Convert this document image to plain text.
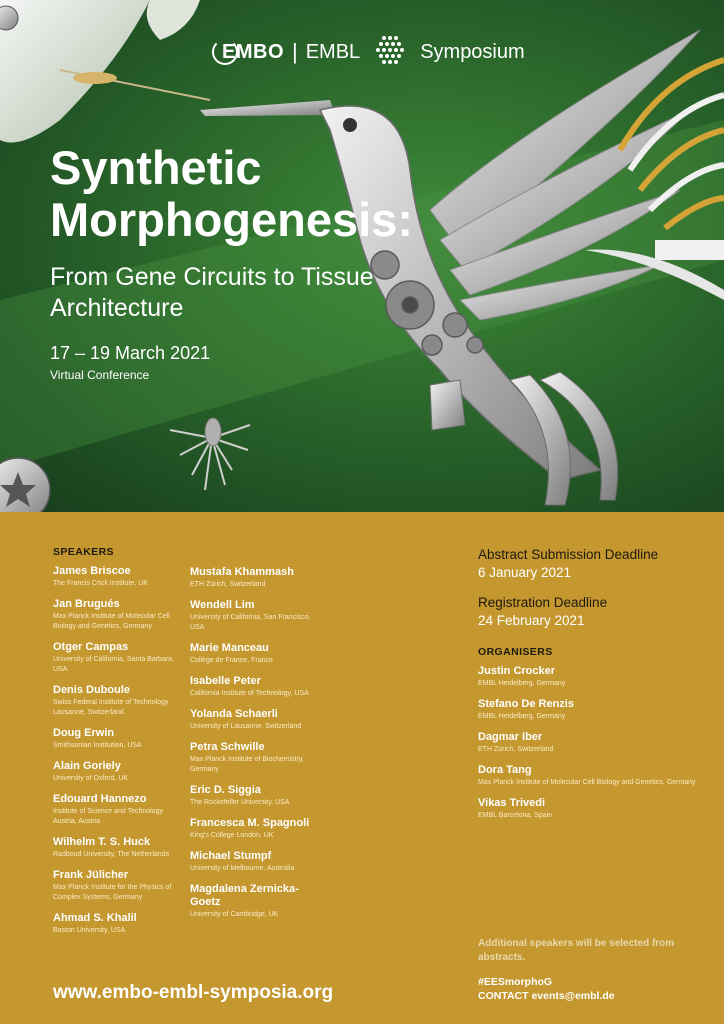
EMBO | EMBL	Symposium
Synthetic
Morphogenesis:

From Gene Circuits to Tissue Architecture

17 – 19 March 2021
Virtual Conference
SPEAKERS
James Briscoe
The Francis Crick Institute, UK
Jan Brugués
Max Planck Institute of Molecular Cell Biology and Genetics, Germany
Otger Campas
University of California, Santa Barbara, USA
Denis Duboule
Swiss Federal Institute of Technology Lausanne, Switzerland
Doug Erwin
Smithsonian Institution, USA
Alain Goriely
University of Oxford, UK
Edouard Hannezo
Institute of Science and Technology Austria, Austria
Wilhelm T. S. Huck
Radboud University, The Netherlands
Frank Jülicher
Max Planck Institute for the Physics of Complex Systems, Germany
Ahmad S. Khalil
Boston University, USA
Mustafa Khammash
ETH Zürich, Switzerland
Wendell Lim
University of California, San Francisco, USA
Marie Manceau
Collège de France, France
Isabelle Peter
California Institute of Technology, USA
Yolanda Schaerli
University of Lausanne, Switzerland
Petra Schwille
Max Planck Institute of Biochemistry, Germany
Eric D. Siggia
The Rockefeller University, USA
Francesca M. Spagnoli
King's College London, UK
Michael Stumpf
University of Melbourne, Australia
Magdalena Zernicka-Goetz
University of Cambridge, UK
Abstract Submission Deadline
6 January 2021
Registration Deadline
24 February 2021
ORGANISERS
Justin Crocker
EMBL Heidelberg, Germany
Stefano De Renzis
EMBL Heidelberg, Germany
Dagmar Iber
ETH Zürich, Switzerland
Dora Tang
Max Planck Institute of Molecular Cell Biology and Genetics, Germany
Vikas Trivedi
EMBL Barcelona, Spain
Additional speakers will be selected from abstracts.
#EESmorphoG
CONTACT events@embl.de
www.embo-embl-symposia.org
